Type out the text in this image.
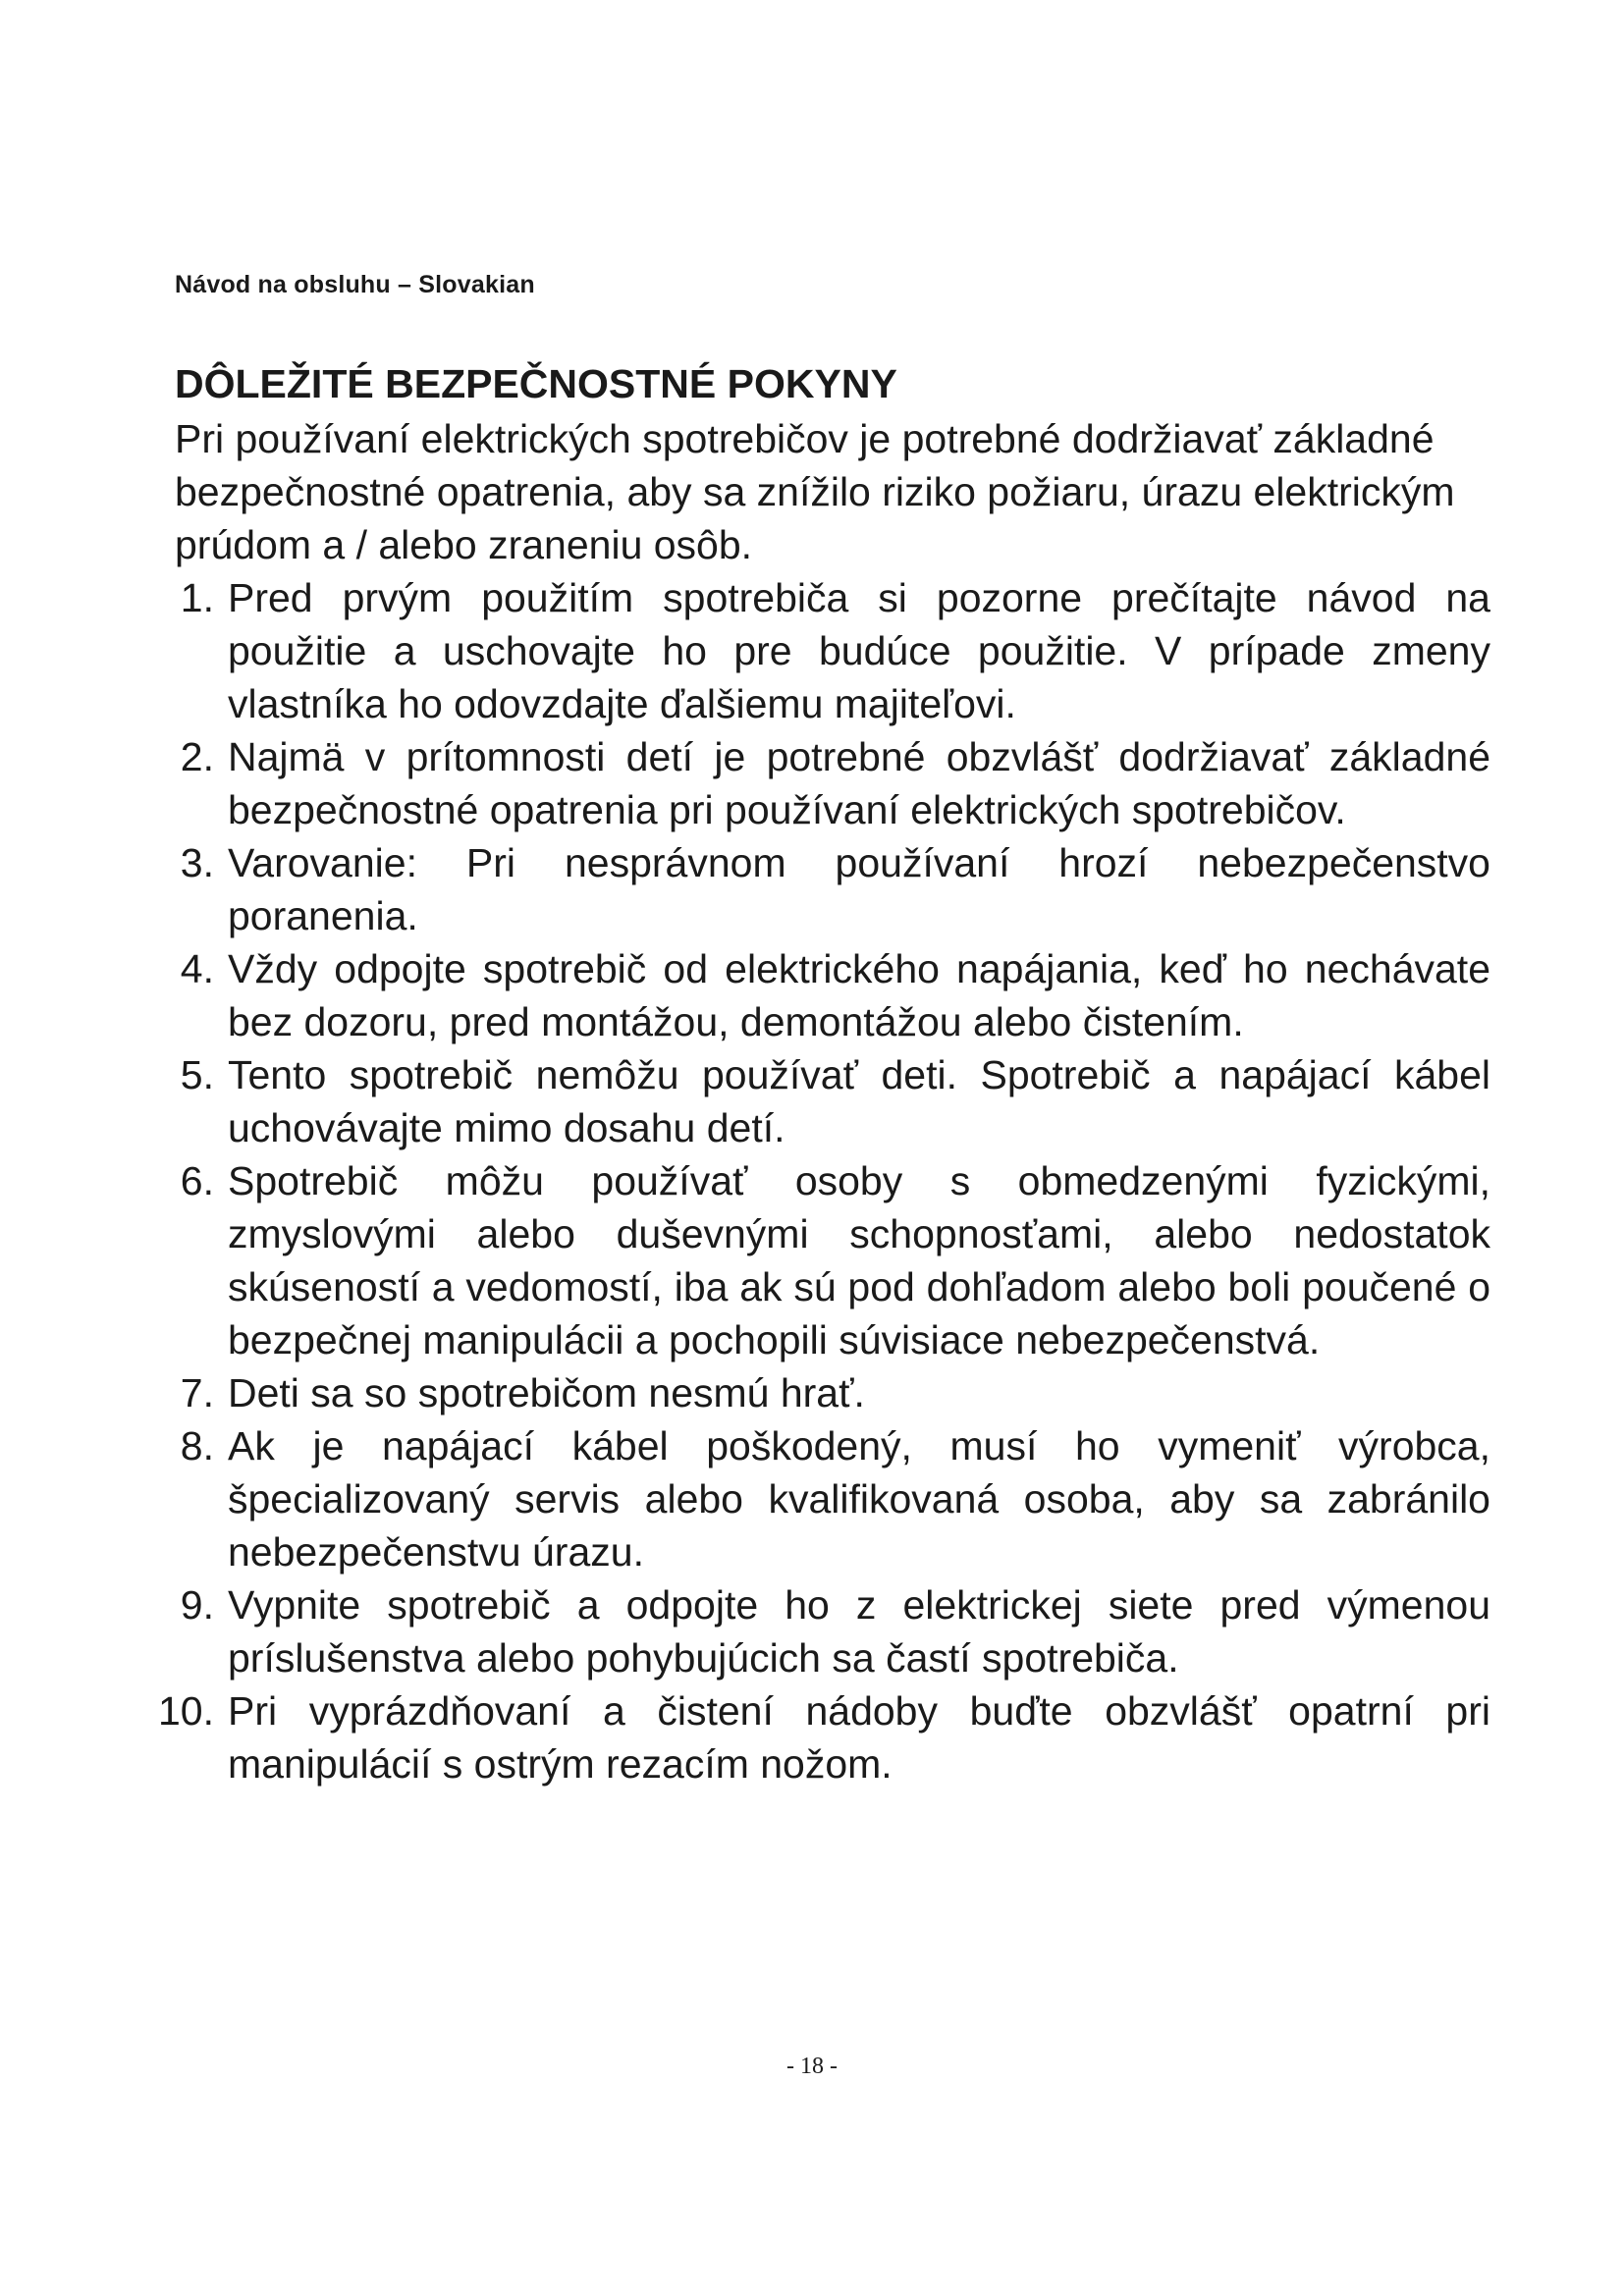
Návod na obsluhu – Slovakian
DÔLEŽITÉ BEZPEČNOSTNÉ POKYNY

Pri používaní elektrických spotrebičov je potrebné dodržiavať základné bezpečnostné opatrenia, aby sa znížilo riziko požiaru, úrazu elektrickým prúdom a / alebo zraneniu osôb.

1. Pred prvým použitím spotrebiča si pozorne prečítajte návod na použitie a uschovajte ho pre budúce použitie. V prípade zmeny vlastníka ho odovzdajte ďalšiemu majiteľovi.
2. Najmä v prítomnosti detí je potrebné obzvlášť dodržiavať základné bezpečnostné opatrenia pri používaní elektrických spotrebičov.
3. Varovanie: Pri nesprávnom používaní hrozí nebezpečenstvo poranenia.
4. Vždy odpojte spotrebič od elektrického napájania, keď ho nechávate bez dozoru, pred montážou, demontážou alebo čistením.
5. Tento spotrebič nemôžu používať deti. Spotrebič a napájací kábel uchovávajte mimo dosahu detí.
6. Spotrebič môžu používať osoby s obmedzenými fyzickými, zmyslovými alebo duševnými schopnosťami, alebo nedostatok skúseností a vedomostí, iba ak sú pod dohľadom alebo boli poučené o bezpečnej manipulácii a pochopili súvisiace nebezpečenstvá.
7. Deti sa so spotrebičom nesmú hrať.
8. Ak je napájací kábel poškodený, musí ho vymeniť výrobca, špecializovaný servis alebo kvalifikovaná osoba, aby sa zabránilo nebezpečenstvu úrazu.
9. Vypnite spotrebič a odpojte ho z elektrickej siete pred výmenou príslušenstva alebo pohybujúcich sa častí spotrebiča.
10. Pri vyprázdňovaní a čistení nádoby buďte obzvlášť opatrní pri manipulácií s ostrým rezacím nožom.
- 18 -
